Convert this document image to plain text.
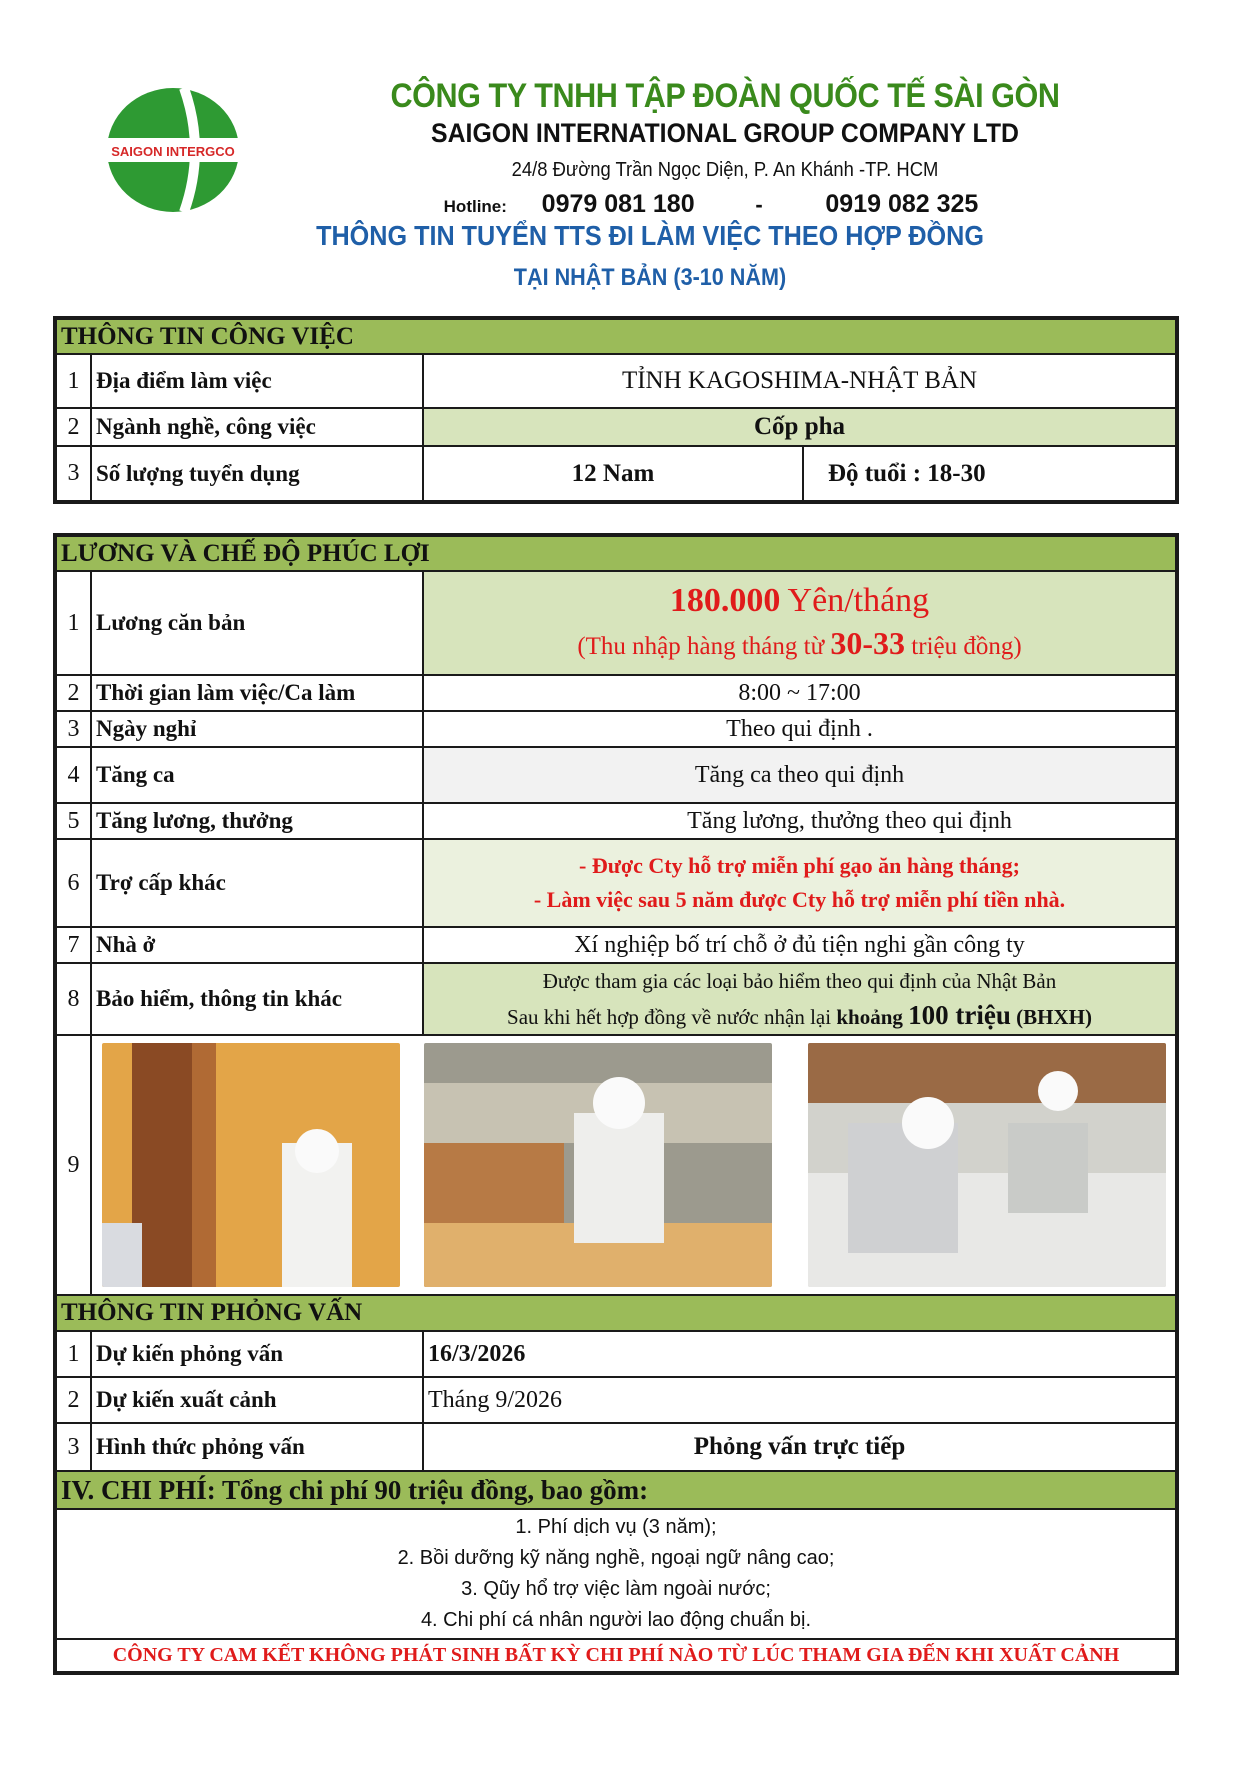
SAIGON INTERGCO
CÔNG TY TNHH TẬP ĐOÀN QUỐC TẾ SÀI GÒN
SAIGON INTERNATIONAL GROUP COMPANY LTD
24/8 Đường Trần Ngọc Diện, P. An Khánh -TP. HCM
Hotline: 0979 081 180	-	0919 082 325
THÔNG TIN TUYỂN TTS ĐI LÀM VIỆC THEO HỢP ĐỒNG
TẠI NHẬT BẢN (3-10 NĂM)
THÔNG TIN CÔNG VIỆC			
1	Địa điểm làm việc	TỈNH KAGOSHIMA-NHẬT BẢN	
2	Ngành nghề, công việc	Cốp pha	
3	Số lượng tuyển dụng	12 Nam	Độ tuổi : 18-30
LƯƠNG VÀ CHẾ ĐỘ PHÚC LỢI		
1	Lương căn bản	180.000 Yên/tháng
(Thu nhập hàng tháng từ 30-33 triệu đồng)

2	Thời gian làm việc/Ca làm	8:00 ~ 17:00
3	Ngày nghỉ	Theo qui định .
4	Tăng ca	Tăng ca theo qui định
5	Tăng lương, thưởng	Tăng lương, thưởng theo qui định
6	Trợ cấp khác	- Được Cty hỗ trợ miễn phí gạo ăn hàng tháng;
- Làm việc sau 5 năm được Cty hỗ trợ miễn phí tiền nhà.

7	Nhà ở	Xí nghiệp bố trí chỗ ở đủ tiện nghi gần công ty
8	Bảo hiểm, thông tin khác	Được tham gia các loại bảo hiểm theo qui định của Nhật Bản
Sau khi hết hợp đồng về nước nhận lại khoảng 100 triệu (BHXH)

9	
THÔNG TIN PHỎNG VẤN		
1	Dự kiến phỏng vấn	16/3/2026
2	Dự kiến xuất cảnh	Tháng 9/2026
3	Hình thức phỏng vấn	Phỏng vấn trực tiếp
IV. CHI PHÍ: Tổng chi phí 90 triệu đồng, bao gồm:		

1. Phí dịch vụ (3 năm);
2. Bồi dưỡng kỹ năng nghề, ngoại ngữ nâng cao;
3. Qũy hổ trợ việc làm ngoài nước;
4. Chi phí cá nhân người lao động chuẩn bị.		

CÔNG TY CAM KẾT KHÔNG PHÁT SINH BẤT KỲ CHI PHÍ NÀO TỪ LÚC THAM GIA ĐẾN KHI XUẤT CẢNH		
